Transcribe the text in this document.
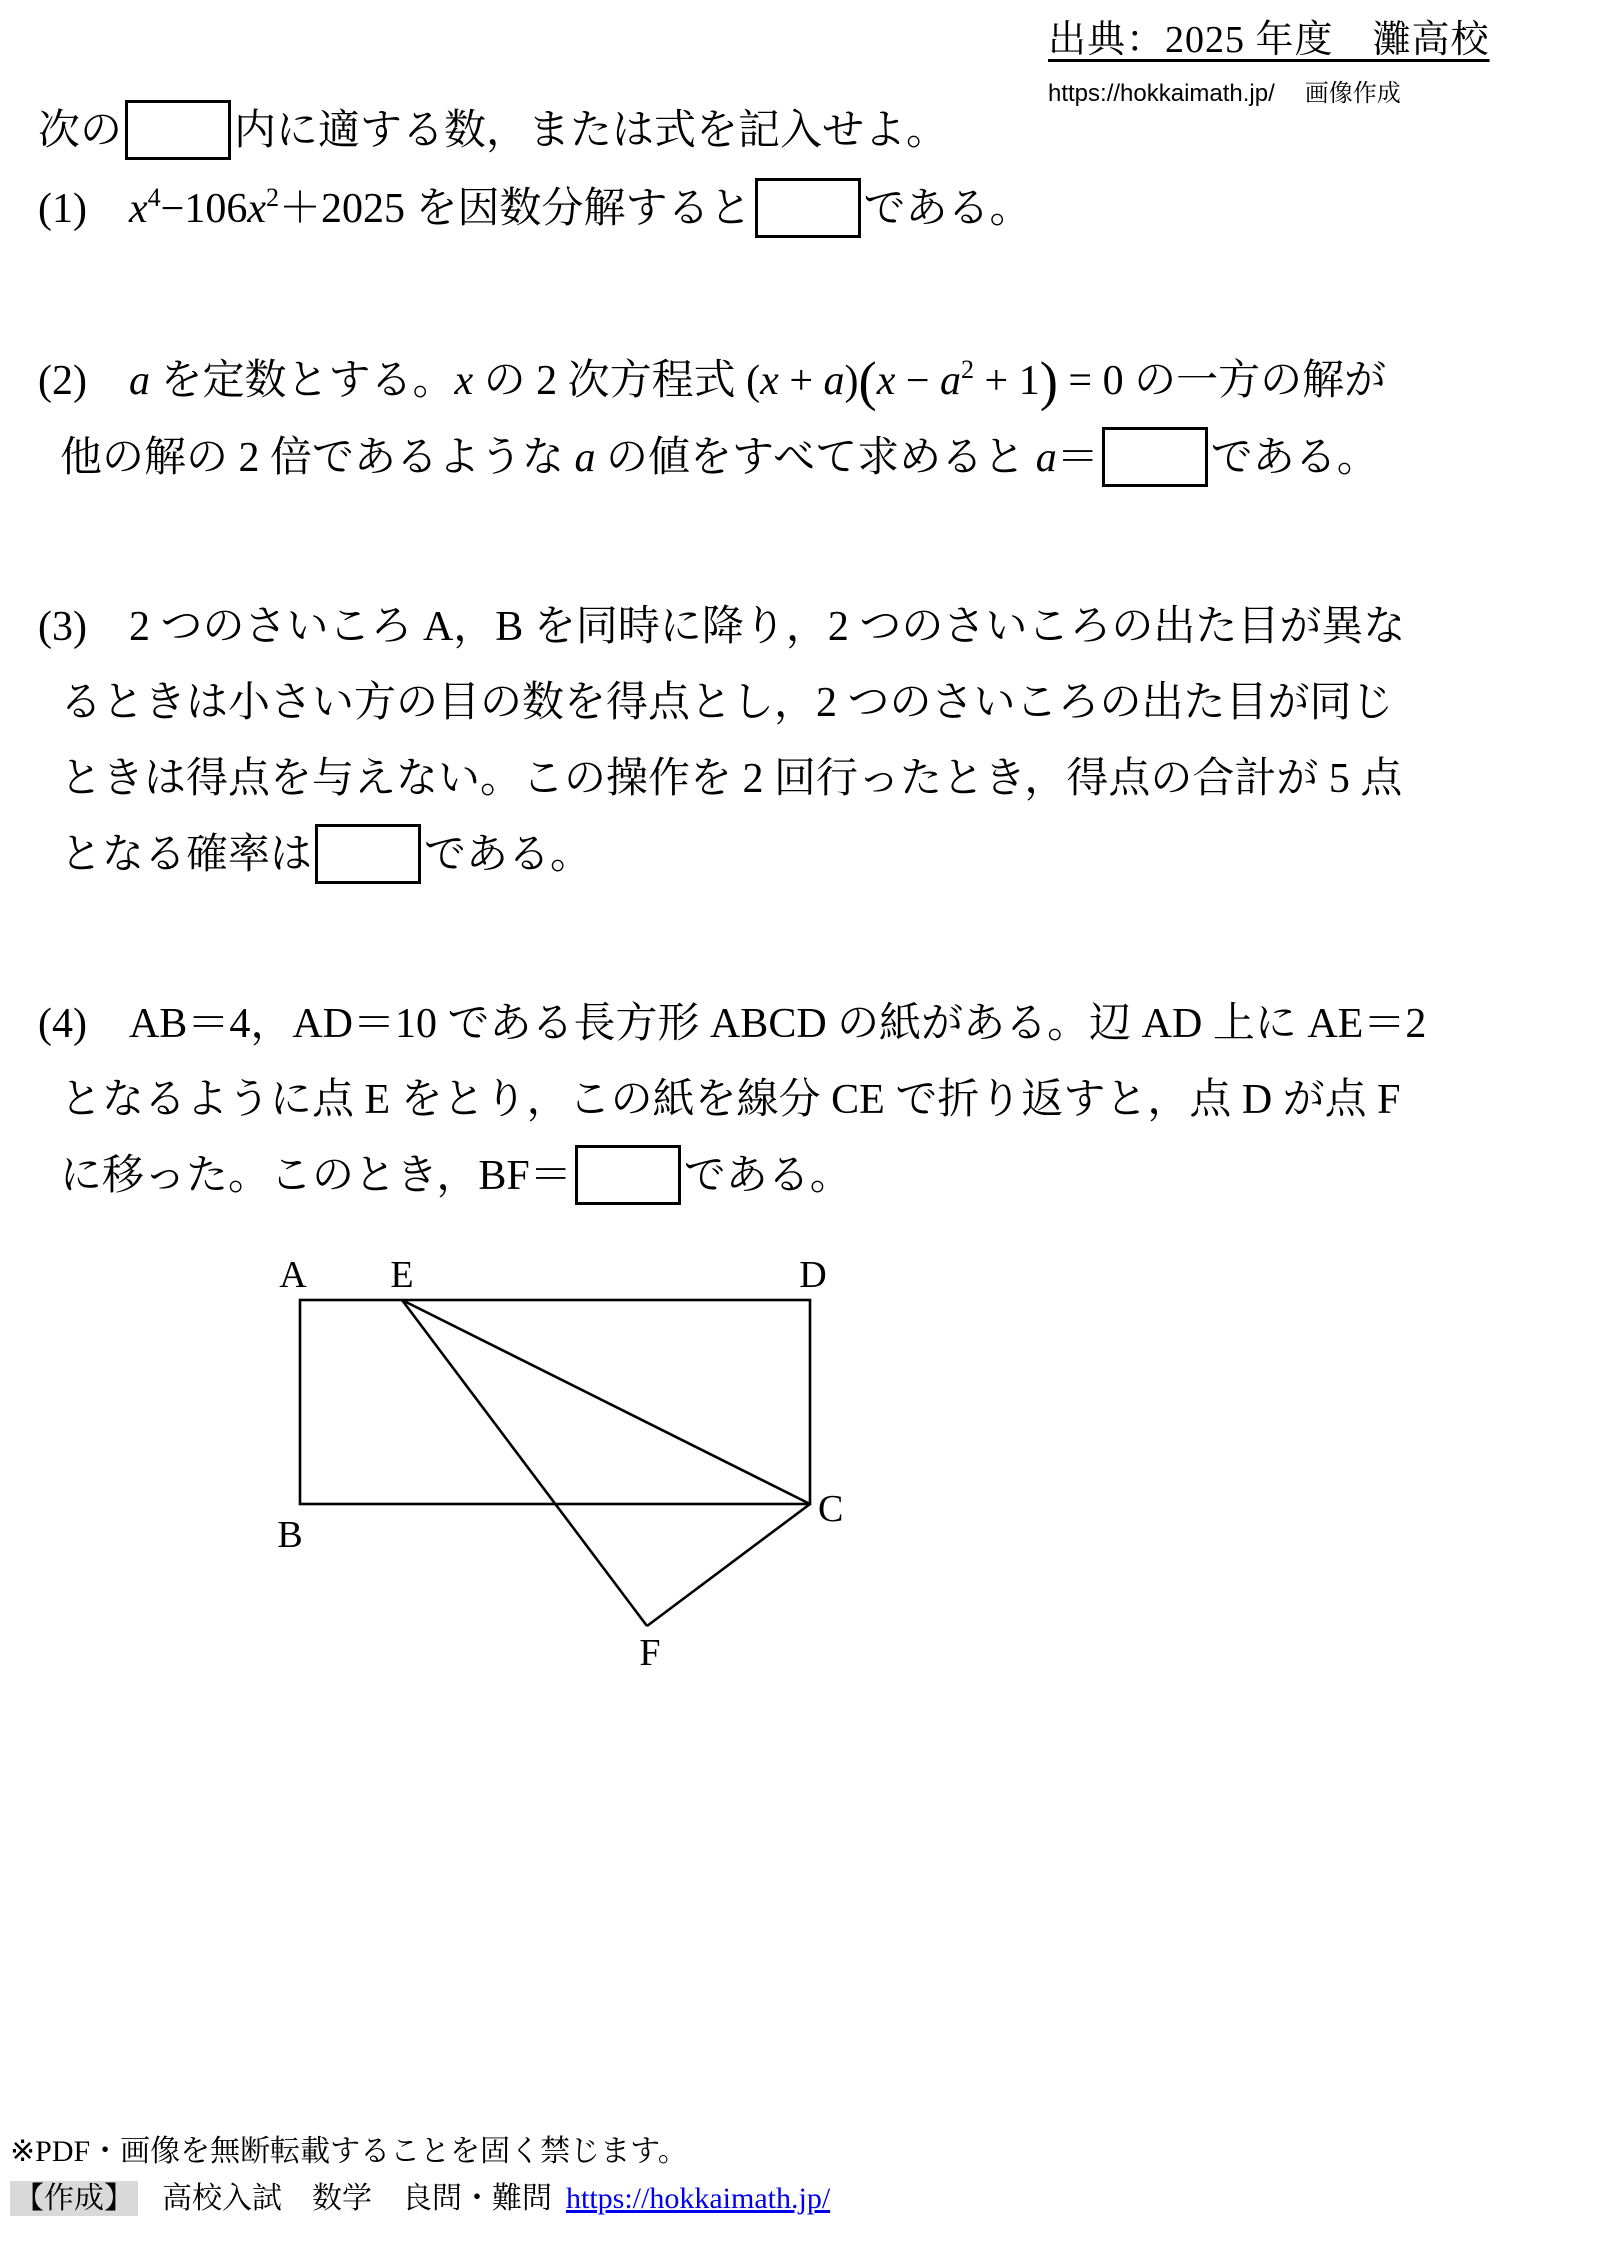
出典：2025 年度　灘高校
https://hokkaimath.jp/ 画像作成
次の	内に適する数，または式を記入せよ。
(1)　$x^4-106x^2+2025$ を因数分解すると	である。
(2)　a を定数とする。x の 2 次方程式 $(x + a)(x - a^2 + 1) = 0$ の一方の解が
他の解の 2 倍であるような a の値をすべて求めると a＝	である。
(3)　2 つのさいころ A，B を同時に降り，2 つのさいころの出た目が異な
るときは小さい方の目の数を得点とし，2 つのさいころの出た目が同じ
ときは得点を与えない。この操作を 2 回行ったとき，得点の合計が 5 点
となる確率は	である。
(4)　AB＝4，AD＝10 である長方形 ABCD の紙がある。辺 AD 上に AE＝2
となるように点 E をとり，この紙を線分 CE で折り返すと，点 D が点 F
に移った。このとき，BF＝	である。
A E	D
B
C
F
※PDF・画像を無断転載することを固く禁じます。
【作成】 高校入試　数学　良問・難問 https://hokkaimath.jp/
